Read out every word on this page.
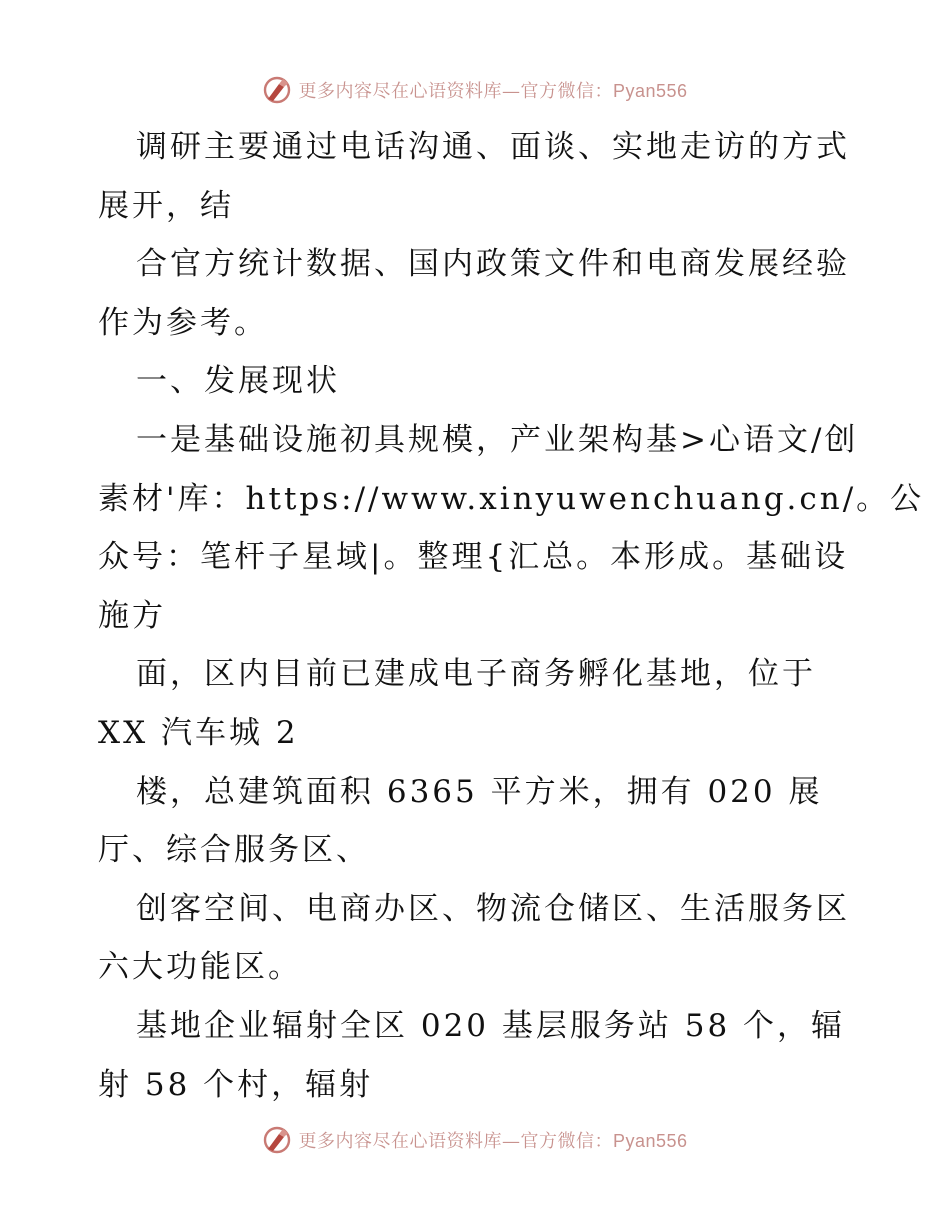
更多内容尽在心语资料库—官方微信：Pyan556
调研主要通过电话沟通、面谈、实地走访的方式
展开，结
合官方统计数据、国内政策文件和电商发展经验
作为参考。
一、发展现状
一是基础设施初具规模，产业架构基>心语文/创
素材'库：https://www.xinyuwenchuang.cn/。公
众号：笔杆子星域|。整理{汇总。本形成。基础设
施方
面，区内目前已建成电子商务孵化基地，位于
XX 汽车城 2
楼，总建筑面积 6365 平方米，拥有 020 展
厅、综合服务区、
创客空间、电商办区、物流仓储区、生活服务区
六大功能区。
基地企业辐射全区 020 基层服务站 58 个，辐
射 58 个村，辐射
更多内容尽在心语资料库—官方微信：Pyan556
